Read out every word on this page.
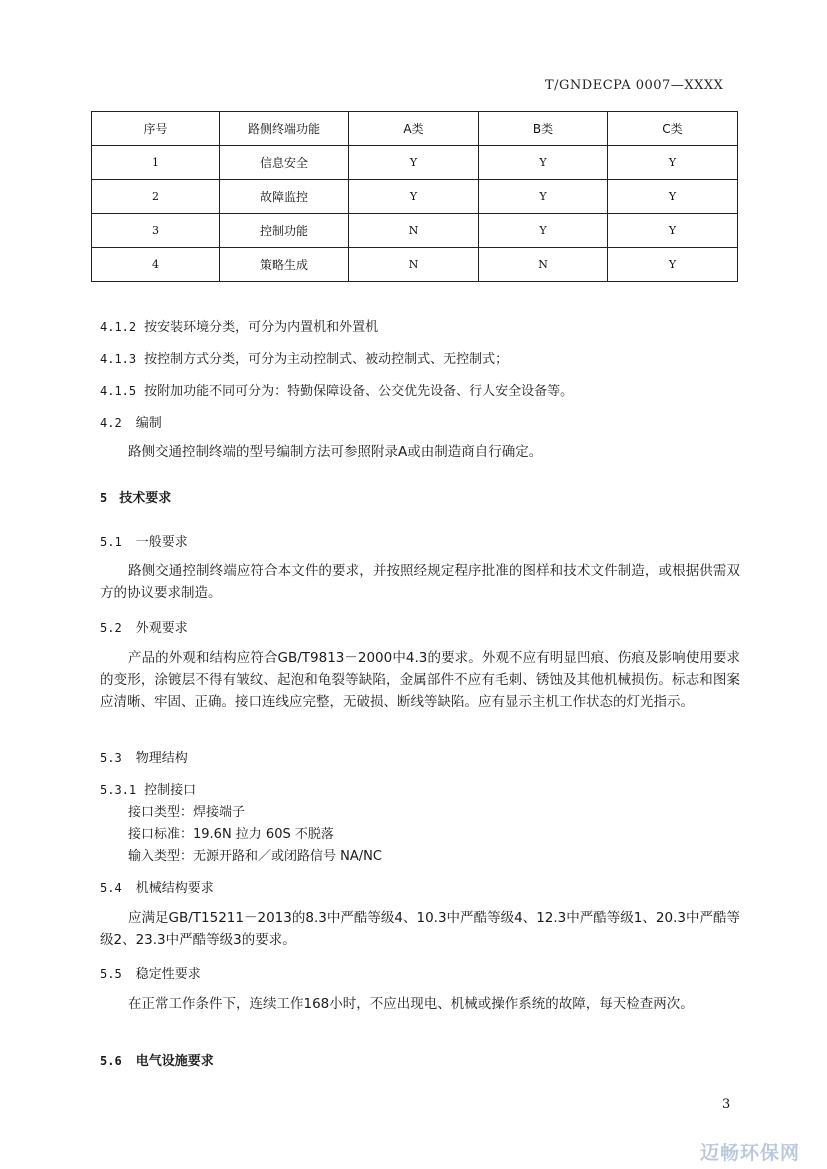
T/GNDECPA 0007—XXXX
序号	路侧终端功能	A类	B类	C类
1	信息安全	Y	Y	Y
2	故障监控	Y	Y	Y
3	控制功能	N	Y	Y
4	策略生成	N	N	Y
4.1.2 按安装环境分类，可分为内置机和外置机
4.1.3 按控制方式分类，可分为主动控制式、被动控制式、无控制式；
4.1.5 按附加功能不同可分为：特勤保障设备、公交优先设备、行人安全设备等。
4.2 编制
路侧交通控制终端的型号编制方法可参照附录A或由制造商自行确定。
5 技术要求
5.1 一般要求
路侧交通控制终端应符合本文件的要求，并按照经规定程序批准的图样和技术文件制造，或根据供需双方的协议要求制造。
5.2 外观要求
产品的外观和结构应符合GB/T9813－2000中4.3的要求。外观不应有明显凹痕、伤痕及影响使用要求的变形，涂镀层不得有皱纹、起泡和龟裂等缺陷，金属部件不应有毛刺、锈蚀及其他机械损伤。标志和图案应清晰、牢固、正确。接口连线应完整，无破损、断线等缺陷。应有显示主机工作状态的灯光指示。
5.3 物理结构
5.3.1 控制接口
接口类型：焊接端子
接口标准：19.6N 拉力 60S 不脱落
输入类型：无源开路和／或闭路信号 NA/NC
5.4 机械结构要求
应满足GB/T15211－2013的8.3中严酷等级4、10.3中严酷等级4、12.3中严酷等级1、20.3中严酷等级2、23.3中严酷等级3的要求。
5.5 稳定性要求
在正常工作条件下，连续工作168小时，不应出现电、机械或操作系统的故障，每天检查两次。
5.6 电气设施要求
3
迈畅环保网
